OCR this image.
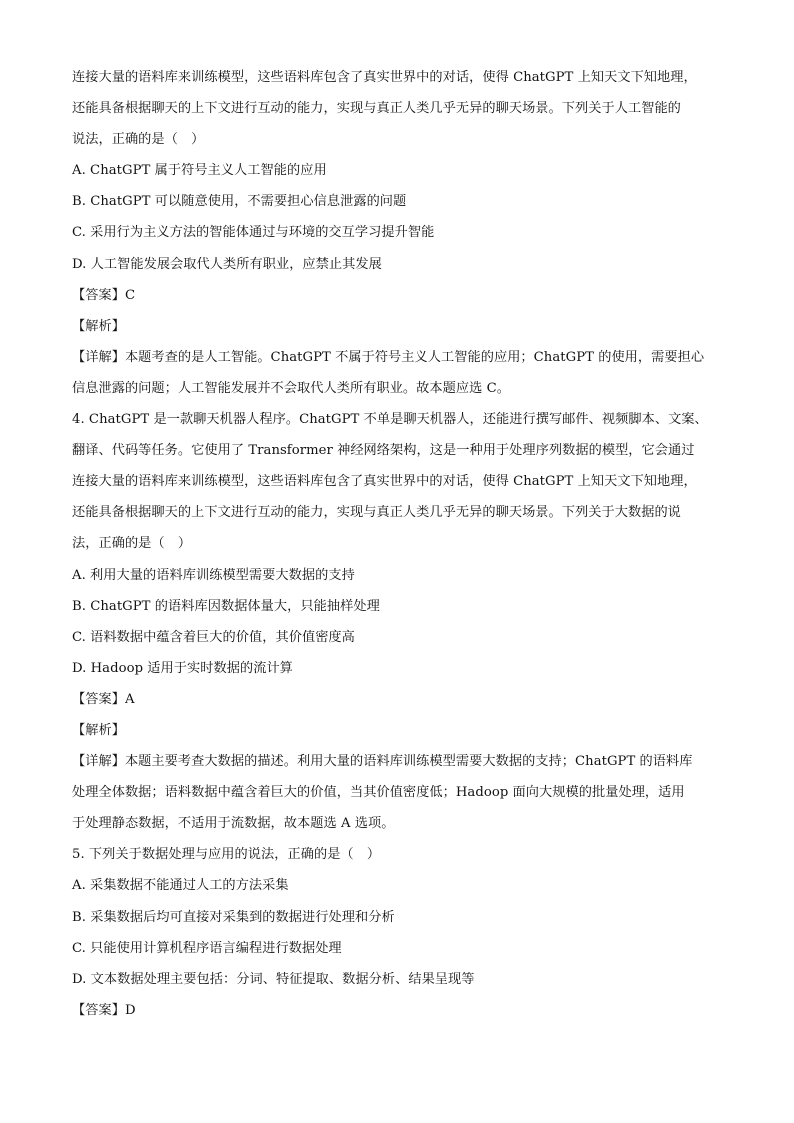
连接大量的语料库来训练模型，这些语料库包含了真实世界中的对话，使得 ChatGPT 上知天文下知地理，
还能具备根据聊天的上下文进行互动的能力，实现与真正人类几乎无异的聊天场景。下列关于人工智能的
说法，正确的是（　）
A. ChatGPT 属于符号主义人工智能的应用
B. ChatGPT 可以随意使用，不需要担心信息泄露的问题
C. 采用行为主义方法的智能体通过与环境的交互学习提升智能
D. 人工智能发展会取代人类所有职业，应禁止其发展
【答案】C
【解析】
【详解】本题考查的是人工智能。ChatGPT 不属于符号主义人工智能的应用；ChatGPT 的使用，需要担心
信息泄露的问题；人工智能发展并不会取代人类所有职业。故本题应选 C。
4. ChatGPT 是一款聊天机器人程序。ChatGPT 不单是聊天机器人，还能进行撰写邮件、视频脚本、文案、
翻译、代码等任务。它使用了 Transformer 神经网络架构，这是一种用于处理序列数据的模型，它会通过
连接大量的语料库来训练模型，这些语料库包含了真实世界中的对话，使得 ChatGPT 上知天文下知地理，
还能具备根据聊天的上下文进行互动的能力，实现与真正人类几乎无异的聊天场景。下列关于大数据的说
法，正确的是（　）
A. 利用大量的语料库训练模型需要大数据的支持
B. ChatGPT 的语料库因数据体量大，只能抽样处理
C. 语料数据中蕴含着巨大的价值，其价值密度高
D. Hadoop 适用于实时数据的流计算
【答案】A
【解析】
【详解】本题主要考查大数据的描述。利用大量的语料库训练模型需要大数据的支持；ChatGPT 的语料库
处理全体数据；语料数据中蕴含着巨大的价值，当其价值密度低；Hadoop 面向大规模的批量处理，适用
于处理静态数据，不适用于流数据，故本题选 A 选项。
5. 下列关于数据处理与应用的说法，正确的是（　）
A. 采集数据不能通过人工的方法采集
B. 采集数据后均可直接对采集到的数据进行处理和分析
C. 只能使用计算机程序语言编程进行数据处理
D. 文本数据处理主要包括：分词、特征提取、数据分析、结果呈现等
【答案】D
